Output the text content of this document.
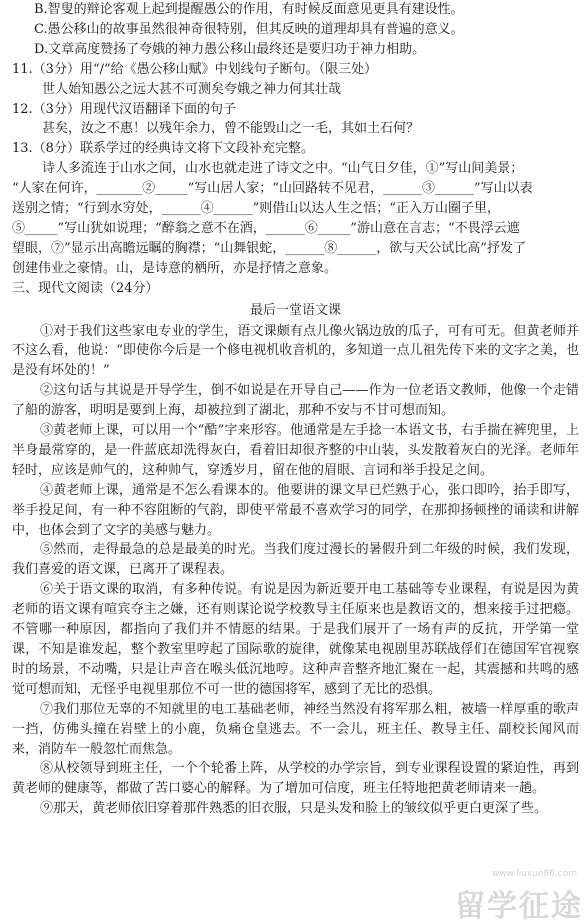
B.智叟的辩论客观上起到提醒愚公的作用，有时候反面意见更具有建设性。

C.愚公移山的故事虽然很神奇很特别，但其反映的道理却具有普遍的意义。

D.文章高度赞扬了夸娥的神力愚公移山最终还是要归功于神力相助。

11.（3分）用“/”给《愚公移山赋》中划线句子断句。（限三处）

世人始知愚公之远大甚不可测矣夸娥之神力何其壮哉

12.（3分）用现代汉语翻译下面的句子

甚矣，汝之不惠！以残年余力，曾不能毁山之一毛，其如土石何？

13.（8分）联系学过的经典诗文将下文段补充完整。

诗人多流连于山水之间，山水也就走进了诗文之中。“山气日夕佳，①”写山间美景；

“人家在何许，_______②_____”写山居人家；“山回路转不见君，______③______”写山以表

送别之情；“行到水穷处，______④______”则借山以达人生之悟；“正入万山圈子里，

⑤_____”写山犹如说理；“醉翁之意不在酒，______⑥_____”游山意在言志；“不畏浮云遮

望眼，⑦”显示出高瞻远瞩的胸襟；“山舞银蛇，______⑧______，欲与天公试比高”抒发了

创建伟业之豪情。山，是诗意的栖所，亦是抒情之意象。

三、现代文阅读（24分）

最后一堂语文课

①对于我们这些家电专业的学生，语文课颇有点儿像火锅边放的瓜子，可有可无。但黄老师并不这么看，他说：“即使你今后是一个修电视机收音机的，多知道一点儿祖先传下来的文字之美，也是没有坏处的！”

②这句话与其说是开导学生，倒不如说是在开导自己——作为一位老语文教师，他像一个走错了船的游客，明明是要到上海，却被拉到了湖北，那种不安与不甘可想而知。

③黄老师上课，可以用一个“酷”字来形容。他通常是左手捻一本语文书，右手揣在裤兜里，上半身最常穿的，是一件蓝底却洗得灰白，看着旧却很齐整的中山装，头发散着灰白的光泽。老师年轻时，应该是帅气的，这种帅气，穿透岁月，留在他的眉眼、言词和举手投足之间。

④黄老师上课，通常是不怎么看课本的。他要讲的课文早已烂熟于心，张口即吟，抬手即写，举手投足间，有一种不容阻断的气韵，即使平常最不喜欢学习的同学，在那抑扬顿挫的诵读和讲解中，也体会到了文字的美感与魅力。

⑤然而，走得最急的总是最美的时光。当我们度过漫长的暑假升到二年级的时候，我们发现，我们喜爱的语文课，已离开了课程表。

⑥关于语文课的取消，有多种传说。有说是因为新近要开电工基础等专业课程，有说是因为黄老师的语文课有喧宾夺主之嫌，还有则谋论说学校教导主任原来也是教语文的，想来接手过把瘾。不管哪一种原因，都指向了我们并不情愿的结果。于是我们展开了一场有声的反抗，开学第一堂课，不知是谁发起，整个教室里哼起了国际歌的旋律，就像某电视剧里苏联战俘们在德国军官视察时的场景，不动嘴，只是让声音在喉头低沉地哼。这种声音整齐地汇聚在一起，其震撼和共鸣的感觉可想而知，无怪乎电视里那位不可一世的德国将军，感到了无比的恐惧。

⑦我们那位无辜的不知就里的电工基础老师，神经当然没有将军那么粗，被墙一样厚重的歌声一挡，仿佛头撞在岩壁上的小鹿，负痛仓皇逃去。不一会儿，班主任、教导主任、副校长闻风而来，消防车一般忽忙而焦急。

⑧从校领导到班主任，一个个轮番上阵，从学校的办学宗旨，到专业课程设置的紧迫性，再到黄老师的健康等，都做了苦口婆心的解释。为了增加可信度，班主任特地把黄老师请来一趟。

⑨那天，黄老师依旧穿着那件熟悉的旧衣服，只是头发和脸上的皱纹似乎更白更深了些。

www.liuxue86.com
留学征途
